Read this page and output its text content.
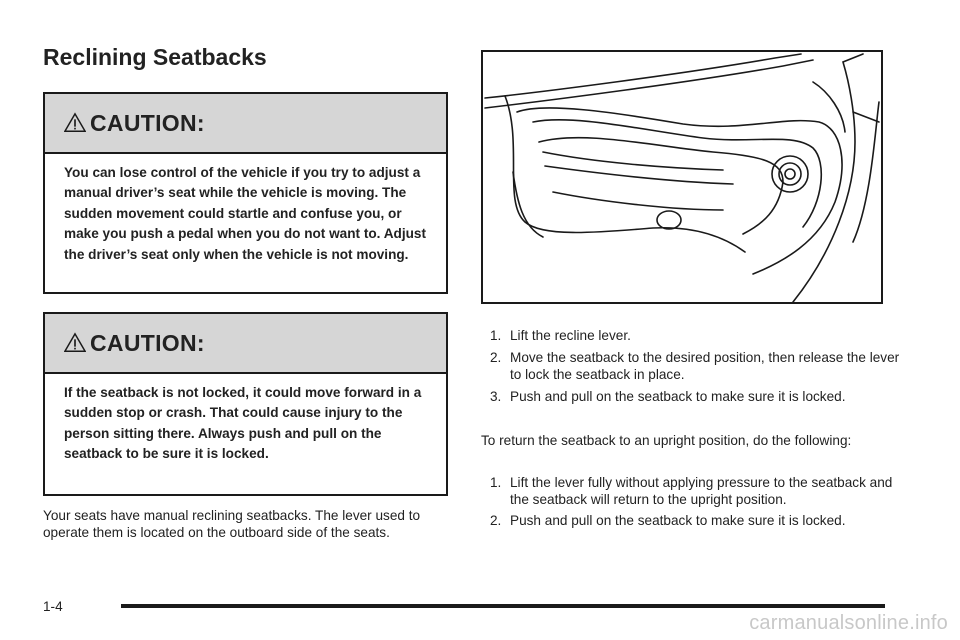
Reclining Seatbacks
CAUTION:
You can lose control of the vehicle if you try to adjust a manual driver’s seat while the vehicle is moving. The sudden movement could startle and confuse you, or make you push a pedal when you do not want to. Adjust the driver’s seat only when the vehicle is not moving.
CAUTION:
If the seatback is not locked, it could move forward in a sudden stop or crash. That could cause injury to the person sitting there. Always push and pull on the seatback to be sure it is locked.

Your seats have manual reclining seatbacks. The lever used to operate them is located on the outboard side of the seats.

1. Lift the recline lever.
2. Move the seatback to the desired position, then release the lever to lock the seatback in place.
3. Push and pull on the seatback to make sure it is locked.

To return the seatback to an upright position, do the following:

1. Lift the lever fully without applying pressure to the seatback and the seatback will return to the upright position.
2. Push and pull on the seatback to make sure it is locked.
1-4
carmanualsonline.info
